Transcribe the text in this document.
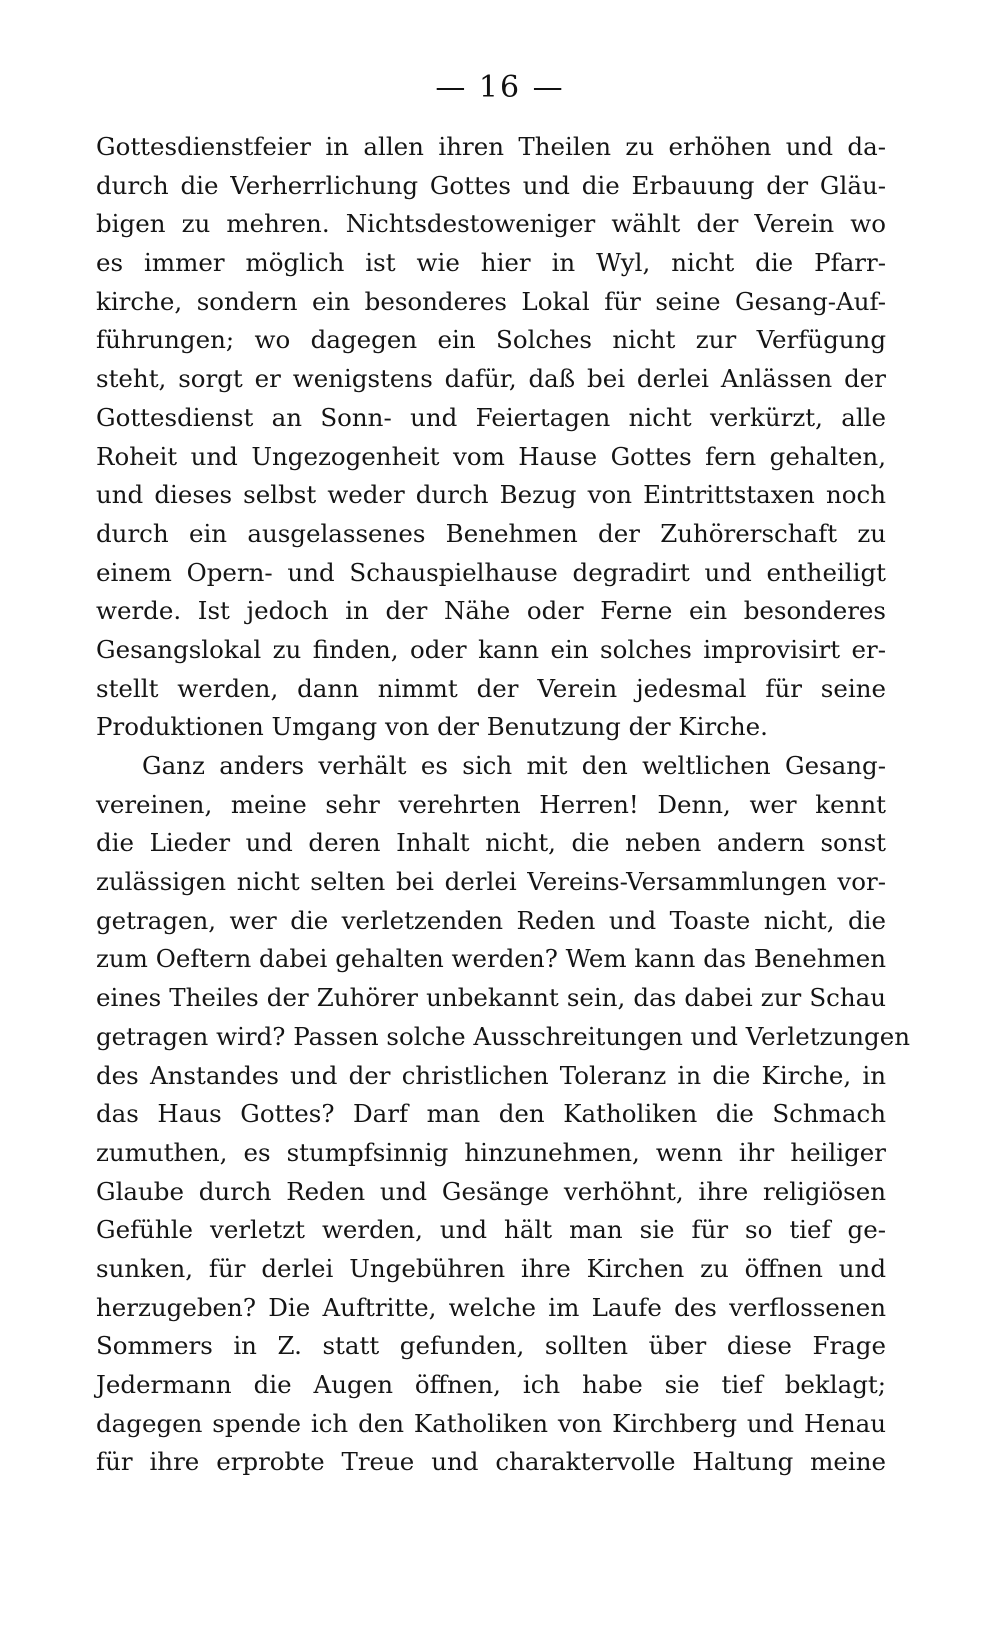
— 16 —
Gottesdienstfeier in allen ihren Theilen zu erhöhen und da-
durch die Verherrlichung Gottes und die Erbauung der Gläu-
bigen zu mehren. Nichtsdestoweniger wählt der Verein wo
es immer möglich ist wie hier in Wyl, nicht die Pfarr-
kirche, sondern ein besonderes Lokal für seine Gesang-Auf-
führungen; wo dagegen ein Solches nicht zur Verfügung
steht, sorgt er wenigstens dafür, daß bei derlei Anlässen der
Gottesdienst an Sonn- und Feiertagen nicht verkürzt, alle
Roheit und Ungezogenheit vom Hause Gottes fern gehalten,
und dieses selbst weder durch Bezug von Eintrittstaxen noch
durch ein ausgelassenes Benehmen der Zuhörerschaft zu
einem Opern- und Schauspielhause degradirt und entheiligt
werde. Ist jedoch in der Nähe oder Ferne ein besonderes
Gesangslokal zu finden, oder kann ein solches improvisirt er-
stellt werden, dann nimmt der Verein jedesmal für seine
Produktionen Umgang von der Benutzung der Kirche.
Ganz anders verhält es sich mit den weltlichen Gesang-
vereinen, meine sehr verehrten Herren! Denn, wer kennt
die Lieder und deren Inhalt nicht, die neben andern sonst
zulässigen nicht selten bei derlei Vereins-Versammlungen vor-
getragen, wer die verletzenden Reden und Toaste nicht, die
zum Oeftern dabei gehalten werden? Wem kann das Benehmen
eines Theiles der Zuhörer unbekannt sein, das dabei zur Schau
getragen wird? Passen solche Ausschreitungen und Verletzungen
des Anstandes und der christlichen Toleranz in die Kirche, in
das Haus Gottes? Darf man den Katholiken die Schmach
zumuthen, es stumpfsinnig hinzunehmen, wenn ihr heiliger
Glaube durch Reden und Gesänge verhöhnt, ihre religiösen
Gefühle verletzt werden, und hält man sie für so tief ge-
sunken, für derlei Ungebühren ihre Kirchen zu öffnen und
herzugeben? Die Auftritte, welche im Laufe des verflossenen
Sommers in Z. statt gefunden, sollten über diese Frage
Jedermann die Augen öffnen, ich habe sie tief beklagt;
dagegen spende ich den Katholiken von Kirchberg und Henau
für ihre erprobte Treue und charaktervolle Haltung meine
